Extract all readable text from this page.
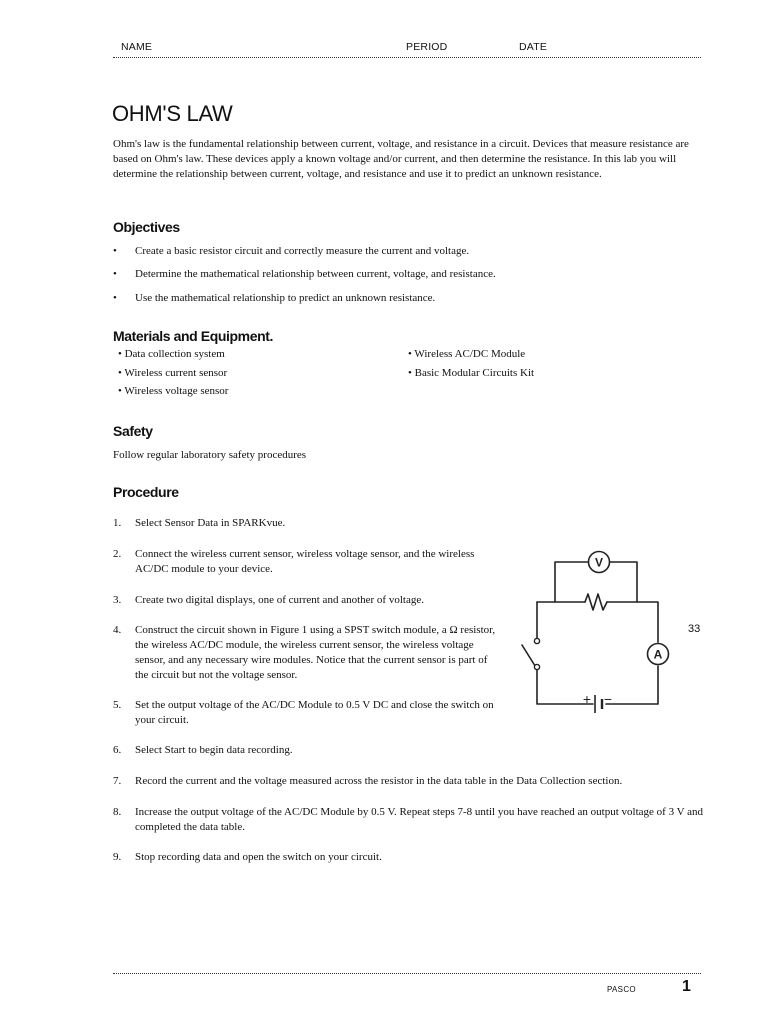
NAME	PERIOD	DATE
OHM'S LAW
Ohm's law is the fundamental relationship between current, voltage, and resistance in a circuit. Devices that measure resistance are based on Ohm's law. These devices apply a known voltage and/or current, and then determine the resistance. In this lab you will determine the relationship between current, voltage, and resistance and use it to predict an unknown resistance.
Objectives
• Create a basic resistor circuit and correctly measure the current and voltage.
• Determine the mathematical relationship between current, voltage, and resistance.
• Use the mathematical relationship to predict an unknown resistance.
Materials and Equipment.
• Data collection system
• Wireless current sensor
• Wireless voltage sensor
• Wireless AC/DC Module
• Basic Modular Circuits Kit
Safety
Follow regular laboratory safety procedures
Procedure
1. Select Sensor Data in SPARKvue.
2. Connect the wireless current sensor, wireless voltage sensor, and the wireless AC/DC module to your device.
3. Create two digital displays, one of current and another of voltage.
4. Construct the circuit shown in Figure 1 using a SPST switch module, a Ω resistor, the wireless AC/DC module, the wireless current sensor, the wireless voltage sensor, and any necessary wire modules. Notice that the current sensor is part of the circuit but not the voltage sensor.
5. Set the output voltage of the AC/DC Module to 0.5 V DC and close the switch on your circuit.
6. Select Start to begin data recording.
7. Record the current and the voltage measured across the resistor in the data table in the Data Collection section.
8. Increase the output voltage of the AC/DC Module by 0.5 V. Repeat steps 7-8 until you have reached an output voltage of 3 V and completed the data table.
9. Stop recording data and open the switch on your circuit.
33
V
A
+ −
PASCO	1
